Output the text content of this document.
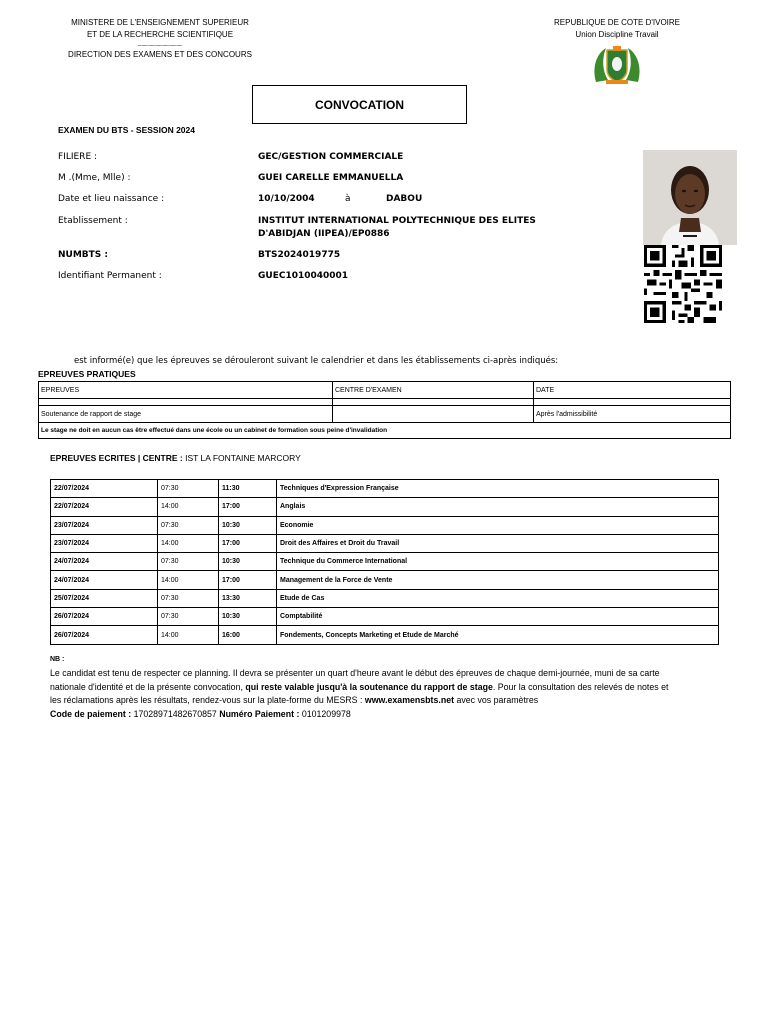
MINISTERE DE L'ENSEIGNEMENT SUPERIEUR
ET DE LA RECHERCHE SCIENTIFIQUE
......................................
DIRECTION DES EXAMENS ET DES CONCOURS
REPUBLIQUE DE COTE D'IVOIRE
Union Discipline Travail
CONVOCATION
EXAMEN DU BTS - SESSION 2024
FILIERE :	GEC/GESTION COMMERCIALE
M .(Mme, Mlle) :	GUEI CARELLE EMMANUELLA
Date et lieu naissance :	10/10/2004	à	DABOU
Etablissement :	INSTITUT INTERNATIONAL POLYTECHNIQUE DES ELITES
D'ABIDJAN (IIPEA)/EP0886
NUMBTS :	BTS2024019775
Identifiant Permanent :	GUEC1010040001
est informé(e) que les épreuves se dérouleront suivant le calendrier et dans les établissements ci-après indiqués:
EPREUVES PRATIQUES
EPREUVES	CENTRE D'EXAMEN	DATE

Soutenance de rapport de stage		Après l'admissibilité
Le stage ne doit en aucun cas être effectué dans une école ou un cabinet de formation sous peine d'invalidation		
EPREUVES ECRITES | CENTRE : IST LA FONTAINE MARCORY
22/07/2024	07:30	11:30	Techniques d'Expression Française
22/07/2024	14:00	17:00	Anglais
23/07/2024	07:30	10:30	Economie
23/07/2024	14:00	17:00	Droit des Affaires et Droit du Travail
24/07/2024	07:30	10:30	Technique du Commerce International
24/07/2024	14:00	17:00	Management de la Force de Vente
25/07/2024	07:30	13:30	Etude de Cas
26/07/2024	07:30	10:30	Comptabilité
26/07/2024	14:00	16:00	Fondements, Concepts Marketing et Etude de Marché
NB :
Le candidat est tenu de respecter ce planning. Il devra se présenter un quart d'heure avant le début des épreuves de chaque demi-journée, muni de sa carte nationale d'identité et de la présente convocation, qui reste valable jusqu'à la soutenance du rapport de stage. Pour la consultation des relevés de notes et les réclamations après les résultats, rendez-vous sur la plate-forme du MESRS : www.examensbts.net avec vos paramètres
Code de paiement : 17028971482670857 Numéro Paiement : 0101209978
